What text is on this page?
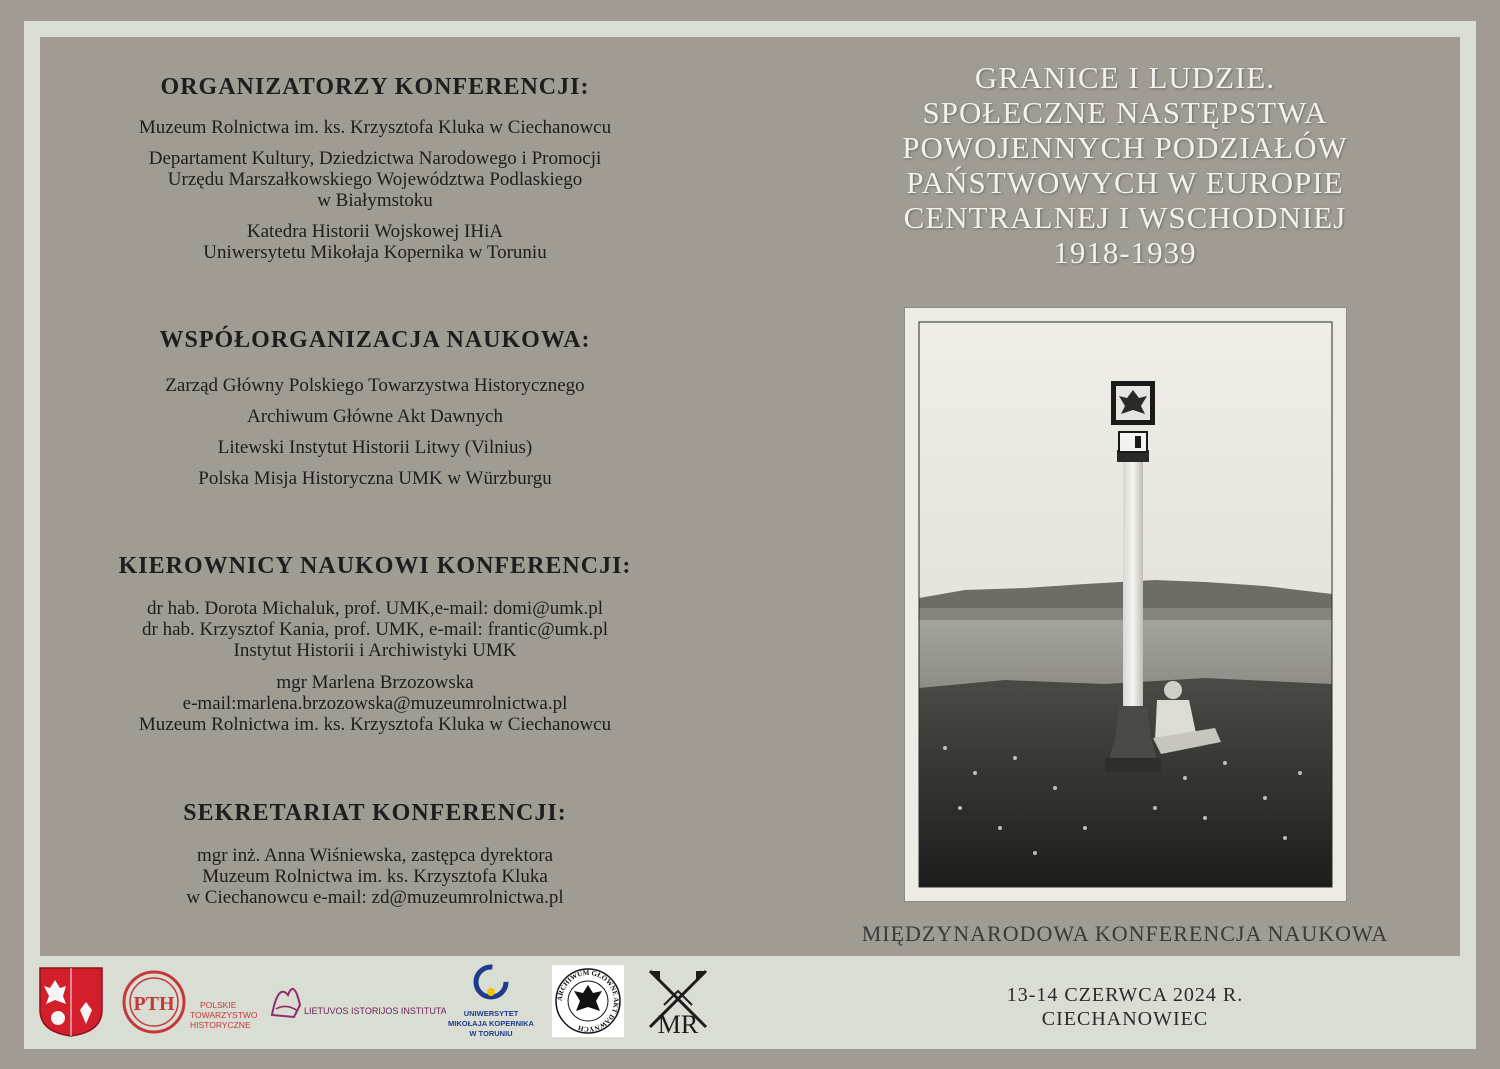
ORGANIZATORZY KONFERENCJI:

Muzeum Rolnictwa im. ks. Krzysztofa Kluka w Ciechanowcu

Departament Kultury, Dziedzictwa Narodowego i Promocji

Urzędu Marszałkowskiego Województwa Podlaskiego

w Białymstoku

Katedra Historii Wojskowej IHiA

Uniwersytetu Mikołaja Kopernika w Toruniu

WSPÓŁORGANIZACJA NAUKOWA:

Zarząd Główny Polskiego Towarzystwa Historycznego

Archiwum Główne Akt Dawnych

Litewski Instytut Historii Litwy (Vilnius)

Polska Misja Historyczna UMK w Würzburgu

KIEROWNICY NAUKOWI KONFERENCJI:

dr hab. Dorota Michaluk, prof. UMK,e-mail: domi@umk.pl

dr hab. Krzysztof Kania, prof. UMK, e-mail: frantic@umk.pl

Instytut Historii i Archiwistyki UMK

mgr Marlena Brzozowska

e-mail:marlena.brzozowska@muzeumrolnictwa.pl

Muzeum Rolnictwa im. ks. Krzysztofa Kluka w Ciechanowcu

SEKRETARIAT KONFERENCJI:

mgr inż. Anna Wiśniewska, zastępca dyrektora

Muzeum Rolnictwa im. ks. Krzysztofa Kluka

w Ciechanowcu e-mail: zd@muzeumrolnictwa.pl

GRANICE I LUDZIE.
SPOŁECZNE NASTĘPSTWA
POWOJENNYCH PODZIAŁÓW
PAŃSTWOWYCH W EUROPIE
CENTRALNEJ I WSCHODNIEJ
1918-1939
MIĘDZYNARODOWA KONFERENCJA NAUKOWA
13-14 CZERWCA 2024 R.
CIECHANOWIEC
PTH	POLSKIE
TOWARZYSTWO
HISTORYCZNE
LIETUVOS ISTORIJOS INSTITUTAS UNIWERSYTET
MIKOŁAJA KOPERNIKA
W TORUNIU
ARCHIWUM GŁÓWNE AKT DAWNYCH	MR
